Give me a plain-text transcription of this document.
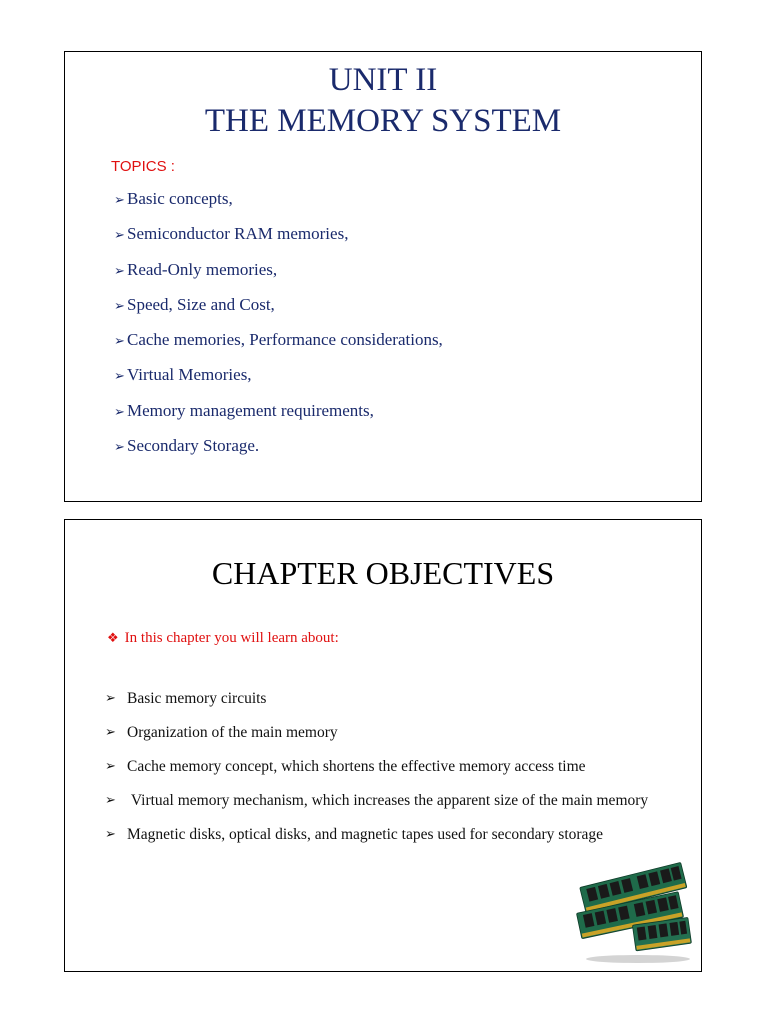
UNIT II
THE MEMORY SYSTEM
TOPICS :
➢ Basic concepts,
➢ Semiconductor RAM memories,
➢ Read-Only memories,
➢ Speed, Size and Cost,
➢ Cache memories, Performance considerations,
➢ Virtual Memories,
➢ Memory management requirements,
➢ Secondary Storage.
CHAPTER OBJECTIVES
❖ In this chapter you will learn about:
➢ Basic memory circuits
➢ Organization of the main memory
➢ Cache memory concept, which shortens the effective memory access time
➢ Virtual memory mechanism, which increases the apparent size of the main memory
➢ Magnetic disks, optical disks, and magnetic tapes used for secondary storage
